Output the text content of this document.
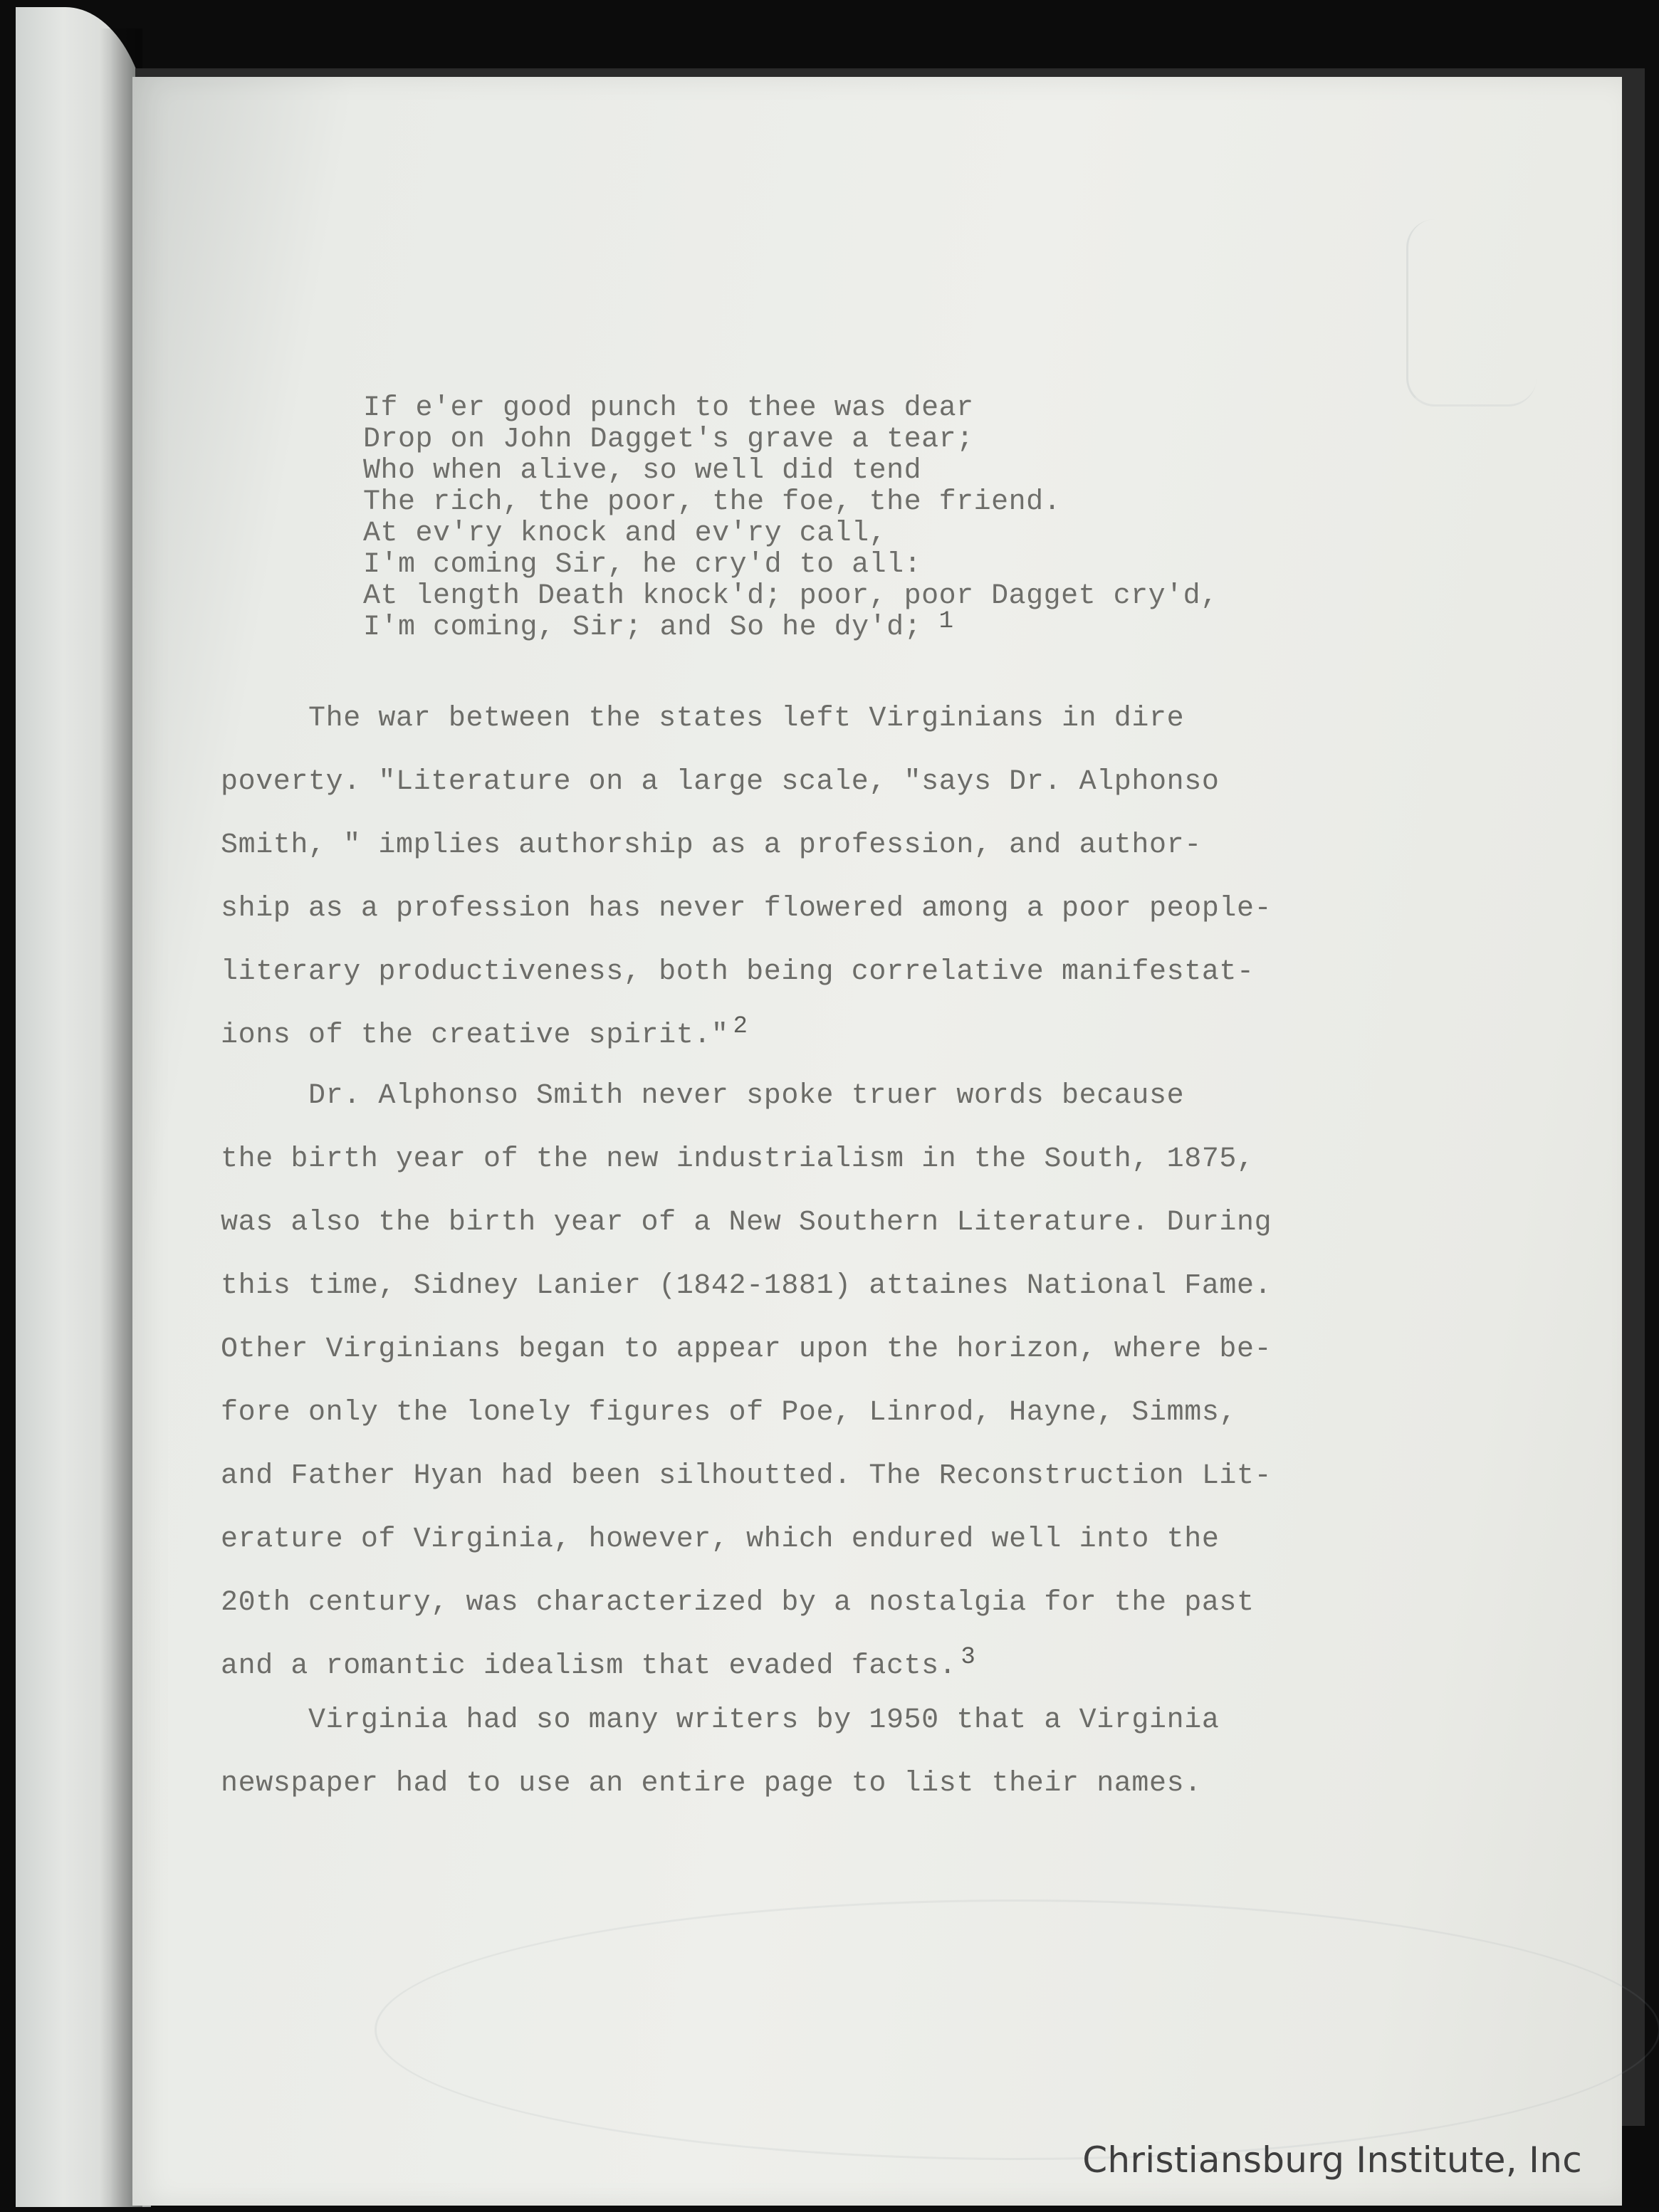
If e'er good punch to thee was dear
Drop on John Dagget's grave a tear;
Who when alive, so well did tend
The rich, the poor, the foe, the friend.
At ev'ry knock and ev'ry call,
I'm coming Sir, he cry'd to all:
At length Death knock'd; poor, poor Dagget cry'd,
I'm coming, Sir; and So he dy'd; $^1$
The war between the states left Virginians in dire
poverty. "Literature on a large scale, "says Dr. Alphonso
Smith, " implies authorship as a profession, and author-
ship as a profession has never flowered among a poor people-
literary productiveness, both being correlative manifestat-
ions of the creative spirit." $^2$
Dr. Alphonso Smith never spoke truer words because
the birth year of the new industrialism in the South, 1875,
was also the birth year of a New Southern Literature. During
this time, Sidney Lanier (1842-1881) attaines National Fame.
Other Virginians began to appear upon the horizon, where be-
fore only the lonely figures of Poe, Linrod, Hayne, Simms,
and Father Hyan had been silhoutted. The Reconstruction Lit-
erature of Virginia, however, which endured well into the
20th century, was characterized by a nostalgia for the past
and a romantic idealism that evaded facts. $^3$
Virginia had so many writers by 1950 that a Virginia
newspaper had to use an entire page to list their names.
Christiansburg Institute, Inc
